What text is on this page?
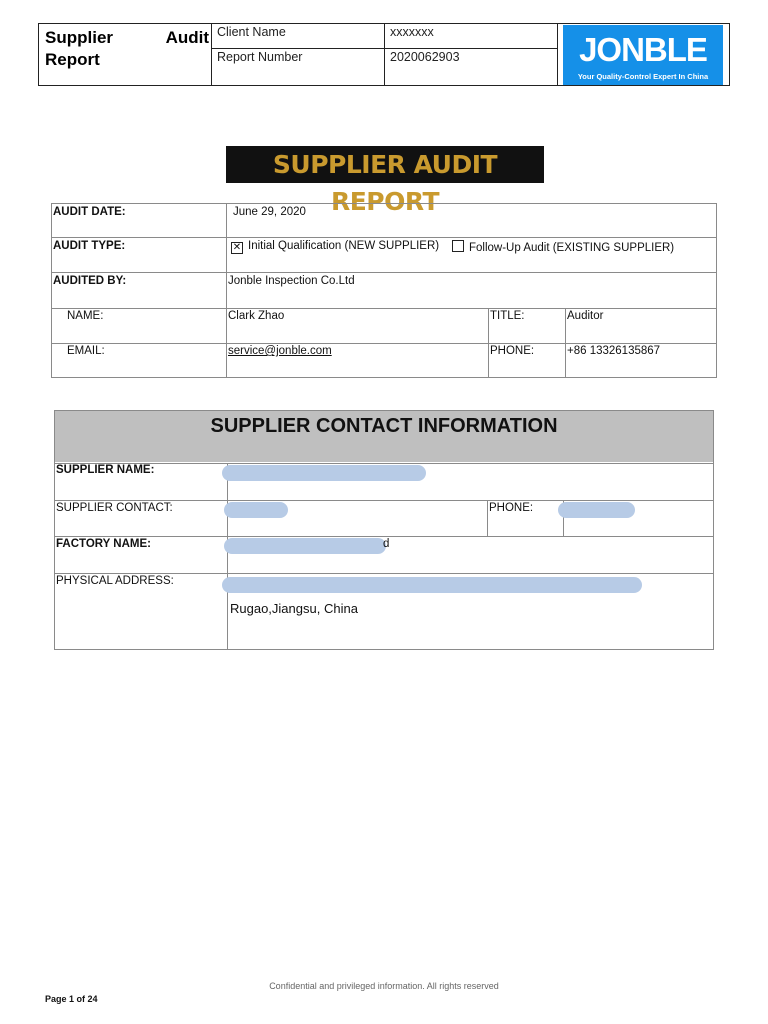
Supplier	Audit
Report
Client Name	xxxxxxx
Report Number	2020062903	JONBLE
Your Quality-Control Expert In China
SUPPLIER AUDIT REPORT
AUDIT DATE:	June 29, 2020
AUDIT TYPE:	✕ Initial Qualification (NEW SUPPLIER)	Follow-Up Audit (EXISTING SUPPLIER)
AUDITED BY:	Jonble Inspection Co.Ltd
NAME:	Clark Zhao	TITLE:	Auditor
EMAIL:	service@jonble.com	PHONE:	+86 13326135867
SUPPLIER CONTACT INFORMATION
SUPPLIER NAME:
SUPPLIER CONTACT:	PHONE:
FACTORY NAME:	d
PHYSICAL ADDRESS:
Rugao,Jiangsu, China
Confidential and privileged information. All rights reserved
Page 1 of 24
